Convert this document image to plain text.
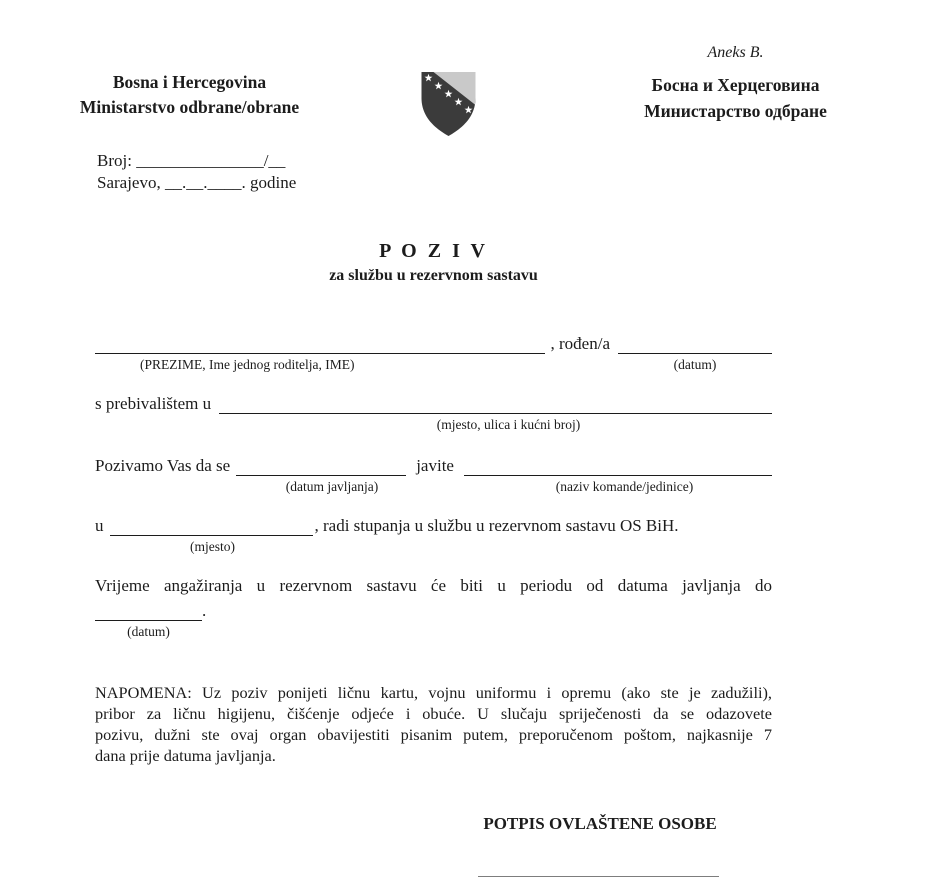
Aneks B.
Bosna i Hercegovina
Ministarstvo odbrane/obrane
Босна и Херцеговина
Министарство одбране
Broj: _______________/__
Sarajevo, __.__.____. godine
P O Z I V
za službu u rezervnom sastavu
, rođen/a
(PREZIME, Ime jednog roditelja, IME)	(datum)
s prebivalištem u
(mjesto, ulica i kućni broj)
Pozivamo Vas da se	javite
(datum javljanja)	(naziv komande/jedinice)
u	, radi stupanja u službu u rezervnom sastavu OS BiH.
(mjesto)
Vrijeme angažiranja u rezervnom sastavu će biti u periodu od datuma javljanja do
.
(datum)
NAPOMENA: Uz poziv ponijeti ličnu kartu, vojnu uniformu i opremu (ako ste je zadužili),
pribor za ličnu higijenu, čišćenje odjeće i obuće. U slučaju spriječenosti da se odazovete
pozivu, dužni ste ovaj organ obavijestiti pisanim putem, preporučenom poštom, najkasnije 7
dana prije datuma javljanja.
POTPIS OVLAŠTENE OSOBE
